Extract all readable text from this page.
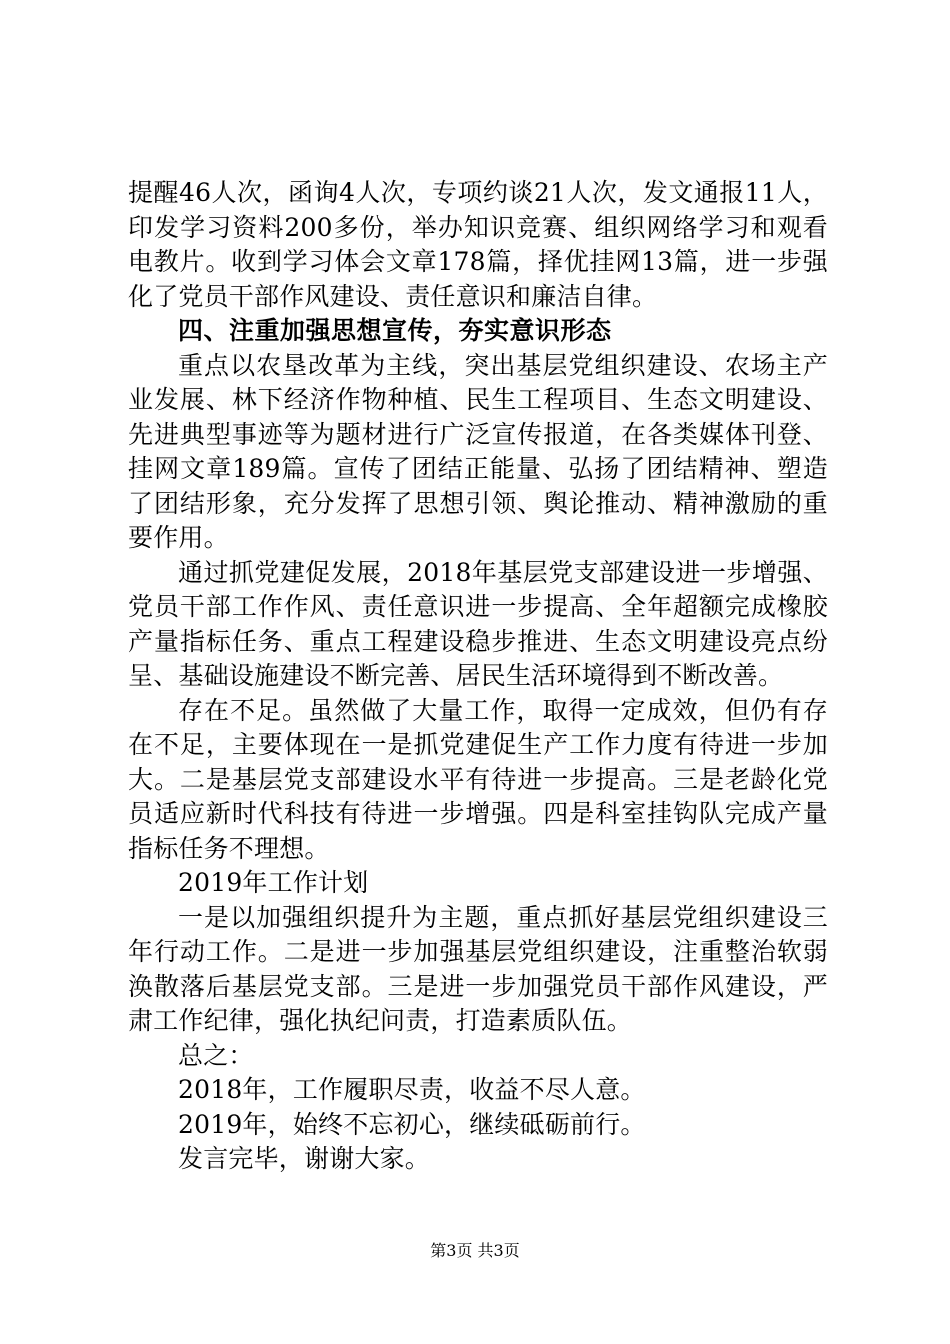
提醒46人次，函询4人次，专项约谈21人次，发文通报11人，印发学习资料200多份，举办知识竞赛、组织网络学习和观看电教片。收到学习体会文章178篇，择优挂网13篇，进一步强化了党员干部作风建设、责任意识和廉洁自律。

四、注重加强思想宣传，夯实意识形态

重点以农垦改革为主线，突出基层党组织建设、农场主产业发展、林下经济作物种植、民生工程项目、生态文明建设、先进典型事迹等为题材进行广泛宣传报道，在各类媒体刊登、挂网文章189篇。宣传了团结正能量、弘扬了团结精神、塑造了团结形象，充分发挥了思想引领、舆论推动、精神激励的重要作用。

通过抓党建促发展，2018年基层党支部建设进一步增强、党员干部工作作风、责任意识进一步提高、全年超额完成橡胶产量指标任务、重点工程建设稳步推进、生态文明建设亮点纷呈、基础设施建设不断完善、居民生活环境得到不断改善。

存在不足。虽然做了大量工作，取得一定成效，但仍有存在不足，主要体现在一是抓党建促生产工作力度有待进一步加大。二是基层党支部建设水平有待进一步提高。三是老龄化党员适应新时代科技有待进一步增强。四是科室挂钩队完成产量指标任务不理想。

2019年工作计划

一是以加强组织提升为主题，重点抓好基层党组织建设三年行动工作。二是进一步加强基层党组织建设，注重整治软弱涣散落后基层党支部。三是进一步加强党员干部作风建设，严肃工作纪律，强化执纪问责，打造素质队伍。

总之：

2018年，工作履职尽责，收益不尽人意。

2019年，始终不忘初心，继续砥砺前行。

发言完毕，谢谢大家。

第3页 共3页
